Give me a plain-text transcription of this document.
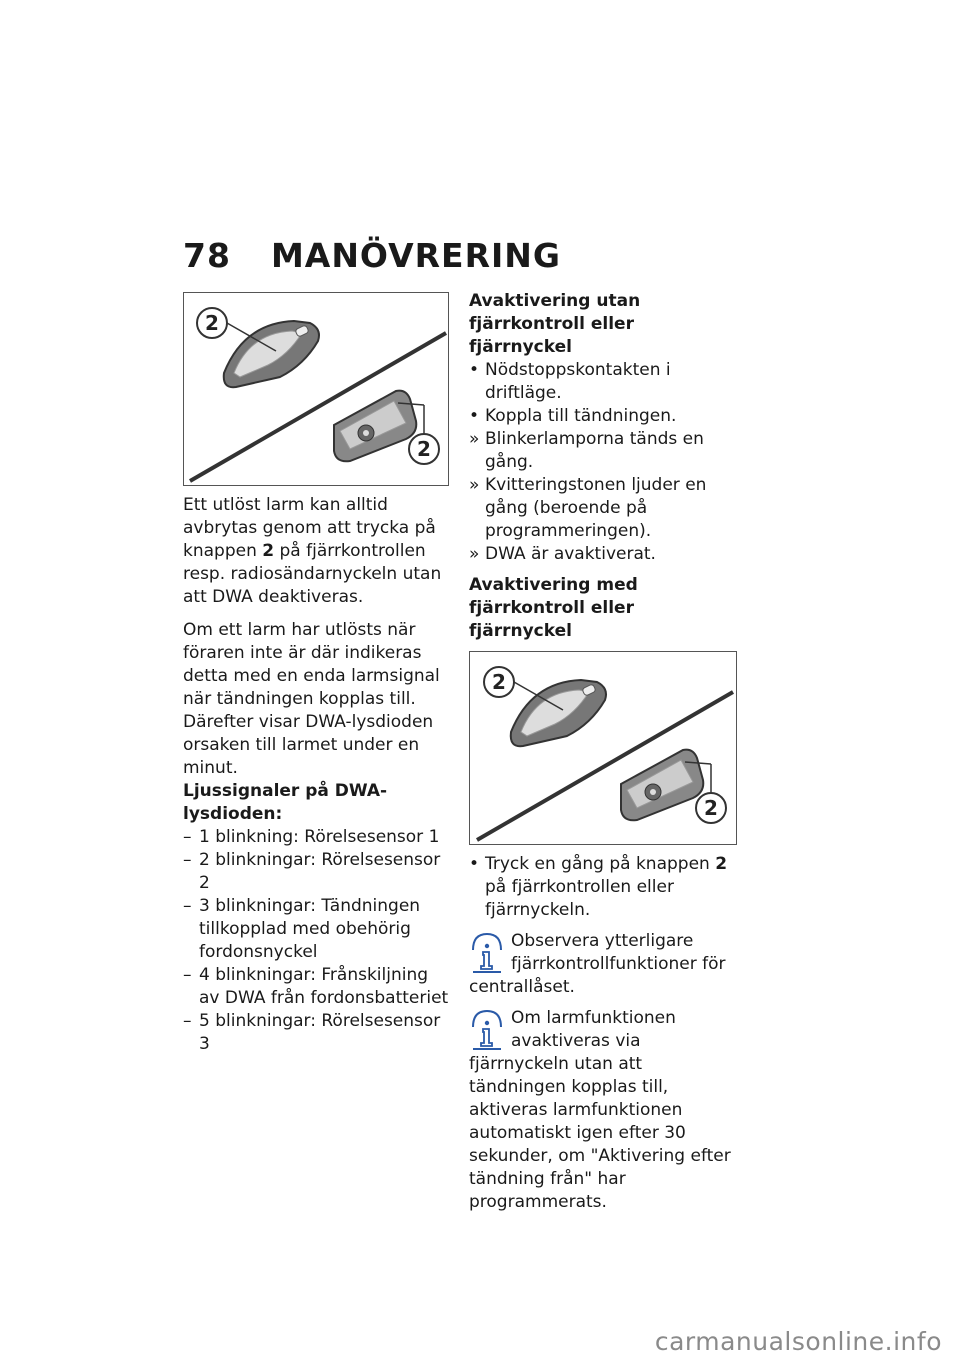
78 MANÖVRERING
2
2

Ett utlöst larm kan alltid avbrytas genom att trycka på knappen 2 på fjärrkontrollen resp. radiosändarnyckeln utan att DWA deaktiveras.

Om ett larm har utlösts när föraren inte är där indikeras detta med en enda larmsignal när tändningen kopplas till. Därefter visar DWA-lysdioden orsaken till larmet under en minut.

Ljussignaler på DWA-lysdioden:

– 1 blinkning: Rörelsesensor 1
– 2 blinkningar: Rörelsesensor 2
– 3 blinkningar: Tändningen tillkopplad med obehörig fordonsnyckel
– 4 blinkningar: Frånskiljning av DWA från fordonsbatteriet
– 5 blinkningar: Rörelsesensor 3

Avaktivering utan fjärrkontroll eller fjärrnyckel

• Nödstoppskontakten i driftläge.
• Koppla till tändningen.
» Blinkerlamporna tänds en gång.
» Kvitteringstonen ljuder en gång (beroende på programmeringen).
» DWA är avaktiverat.

Avaktivering med fjärrkontroll eller fjärrnyckel

2
2
• Tryck en gång på knappen 2 på fjärrkontrollen eller fjärrnyckeln.
Observera ytterligare fjärrkontrollfunktioner för centrallåset.
Om larmfunktionen avaktiveras via fjärrnyckeln utan att tändningen kopplas till, aktiveras larmfunktionen automatiskt igen efter 30 sekunder, om "Aktivering efter tändning från" har programmerats.
carmanualsonline.info
